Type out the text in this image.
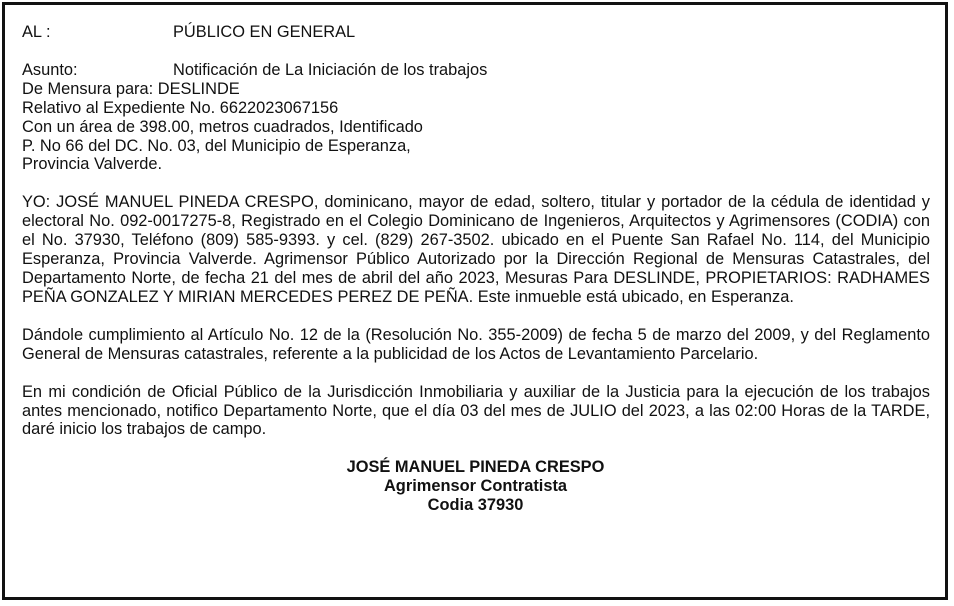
AL :	PÚBLICO EN GENERAL
Asunto:	Notificación de La Iniciación de los trabajos
De Mensura para: DESLINDE
Relativo al Expediente No. 6622023067156
Con un área de 398.00, metros cuadrados, Identificado
P. No 66 del DC. No. 03, del Municipio de Esperanza,
Provincia Valverde.
YO: JOSÉ MANUEL PINEDA CRESPO, dominicano, mayor de edad, soltero, titular y portador de la cédula de identidad y electoral No. 092-0017275-8, Registrado en el Colegio Dominicano de Ingenieros, Arquitectos y Agrimensores (CODIA) con el No. 37930, Teléfono (809) 585-9393. y cel. (829) 267-3502. ubicado en el Puente San Rafael No. 114, del Municipio Esperanza, Provincia Valverde. Agrimensor Público Autorizado por la Dirección Regional de Mensuras Catastrales, del Departamento Norte, de fecha 21 del mes de abril del año 2023, Mesuras Para DESLINDE, PROPIETARIOS: RADHAMES PEÑA GONZALEZ Y MIRIAN MERCEDES PEREZ DE PEÑA. Este inmueble está ubicado, en Esperanza.
Dándole cumplimiento al Artículo No. 12 de la (Resolución No. 355-2009) de fecha 5 de marzo del 2009, y del Reglamento General de Mensuras catastrales, referente a la publicidad de los Actos de Levantamiento Parcelario.
En mi condición de Oficial Público de la Jurisdicción Inmobiliaria y auxiliar de la Justicia para la ejecución de los trabajos antes mencionado, notifico Departamento Norte, que el día 03 del mes de JULIO del 2023, a las 02:00 Horas de la TARDE, daré inicio los trabajos de campo.
JOSÉ MANUEL PINEDA CRESPO
Agrimensor Contratista
Codia 37930
